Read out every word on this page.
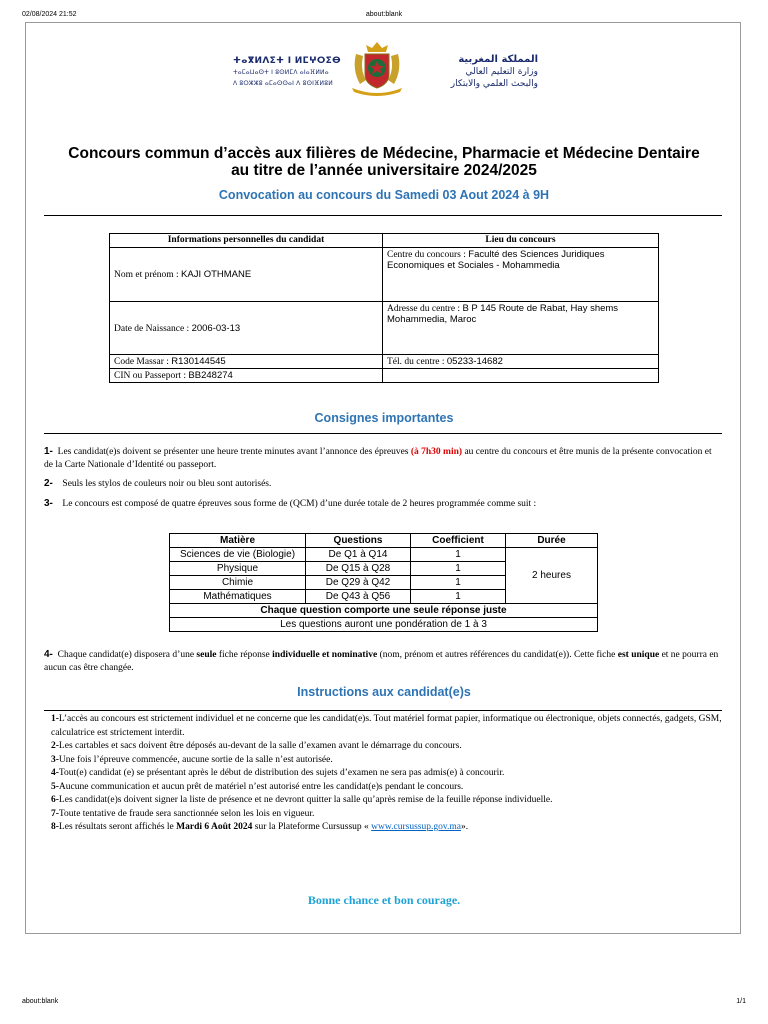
02/08/2024 21:52	about:blank
ⵜⴰⴳⵍⴷⵉⵜ ⵏ ⵍⵎⵖⵔⵉⴱ
ⵜⴰⵎⴰⵡⴰⵙⵜ ⵏ ⵓⵙⵍⵎⴷ ⴰⵏⴰⴼⵍⵍⴰ
ⴷ ⵓⵔⵣⵣⵓ ⴰⵎⴰⵙⵙⴰⵏ ⴷ ⵓⵙⵏⴼⵍⵓⵍ
المملكة المغربية
وزارة التعليم العالي
والبحث العلمي والابتكار
Concours commun d’accès aux filières de Médecine, Pharmacie et Médecine Dentaire
au titre de l’année universitaire 2024/2025
Convocation au concours du Samedi 03 Aout 2024 à 9H
Informations personnelles du candidat	Lieu du concours
Nom et prénom : KAJI OTHMANE	Centre du concours : Faculté des Sciences Juridiques Economiques et Sociales - Mohammedia
Date de Naissance : 2006-03-13	Adresse du centre : B P 145 Route de Rabat, Hay shems Mohammedia, Maroc
Code Massar : R130144545	Tél. du centre : 05233-14682
CIN ou Passeport : BB248274	
Consignes importantes
1- Les candidat(e)s doivent se présenter une heure trente minutes avant l’annonce des épreuves (à 7h30 min) au centre du concours et être munis de la présente convocation et de la Carte Nationale d’Identité ou passeport.
2- Seuls les stylos de couleurs noir ou bleu sont autorisés.
3- Le concours est composé de quatre épreuves sous forme de (QCM) d’une durée totale de 2 heures programmée comme suit :
Matière	Questions	Coefficient	Durée
Sciences de vie (Biologie)	De Q1 à Q14	1	2 heures
Physique	De Q15 à Q28	1	
Chimie	De Q29 à Q42	1	
Mathématiques	De Q43 à Q56	1	
Chaque question comporte une seule réponse juste			
Les questions auront une pondération de 1 à 3			
4- Chaque candidat(e) disposera d’une seule fiche réponse individuelle et nominative (nom, prénom et autres références du candidat(e)). Cette fiche est unique et ne pourra en aucun cas être changée.
Instructions aux candidat(e)s
1-L’accès au concours est strictement individuel et ne concerne que les candidat(e)s. Tout matériel format papier, informatique ou électronique, objets connectés, gadgets, GSM, calculatrice est strictement interdit.
2-Les cartables et sacs doivent être déposés au-devant de la salle d’examen avant le démarrage du concours.
3-Une fois l’épreuve commencée, aucune sortie de la salle n’est autorisée.
4-Tout(e) candidat (e) se présentant après le début de distribution des sujets d’examen ne sera pas admis(e) à concourir.
5-Aucune communication et aucun prêt de matériel n’est autorisé entre les candidat(e)s pendant le concours.
6-Les candidat(e)s doivent signer la liste de présence et ne devront quitter la salle qu’après remise de la feuille réponse individuelle.
7-Toute tentative de fraude sera sanctionnée selon les lois en vigueur.
8-Les résultats seront affichés le Mardi 6 Août 2024 sur la Plateforme Cursussup « www.cursussup.gov.ma».
Bonne chance et bon courage.
about:blank	1/1
